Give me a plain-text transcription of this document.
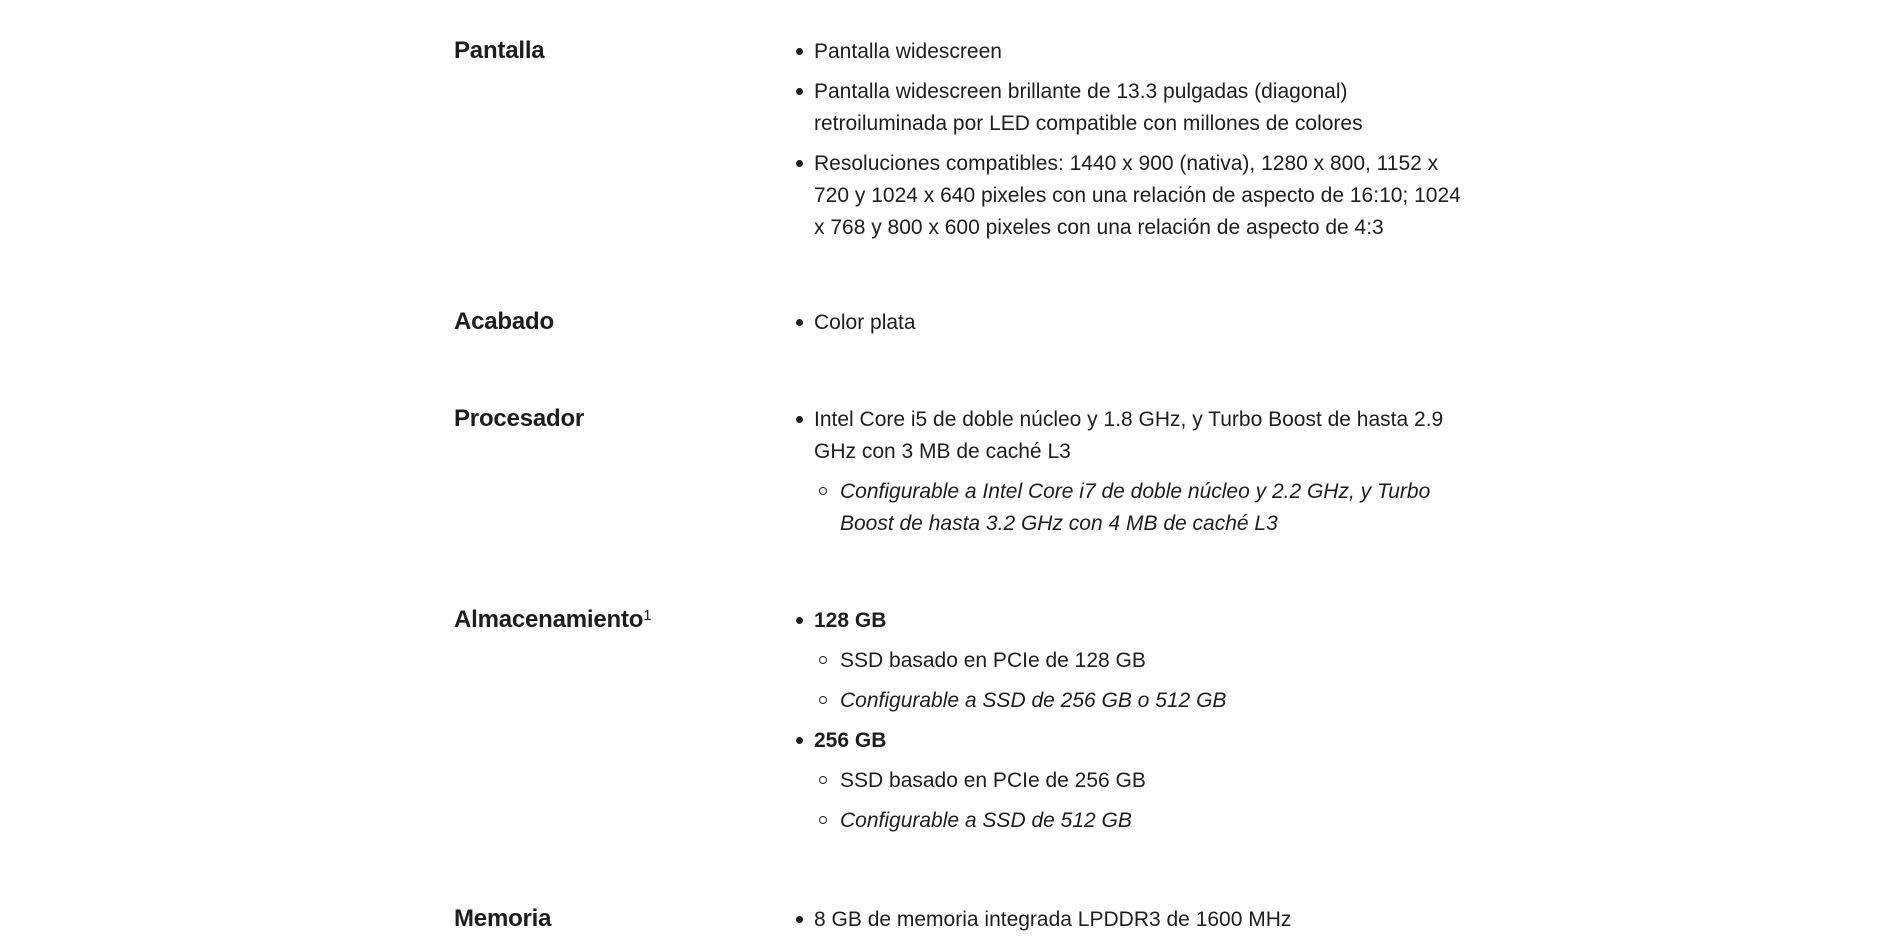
Pantalla	Pantalla widescreen
Pantalla widescreen brillante de 13.3 pulgadas (diagonal) retroiluminada por LED compatible con millones de colores
Resoluciones compatibles: 1440 x 900 (nativa), 1280 x 800, 1152 x 720 y 1024 x 640 pixeles con una relación de aspecto de 16:10; 1024 x 768 y 800 x 600 pixeles con una relación de aspecto de 4:3
Acabado	Color plata
Procesador	Intel Core i5 de doble núcleo y 1.8 GHz, y Turbo Boost de hasta 2.9 GHz con 3 MB de caché L3
Configurable a Intel Core i7 de doble núcleo y 2.2 GHz, y Turbo Boost de hasta 3.2 GHz con 4 MB de caché L3
Almacenamiento$^1$	128 GB
SSD basado en PCIe de 128 GB
Configurable a SSD de 256 GB o 512 GB
256 GB
SSD basado en PCIe de 256 GB
Configurable a SSD de 512 GB
Memoria	8 GB de memoria integrada LPDDR3 de 1600 MHz
